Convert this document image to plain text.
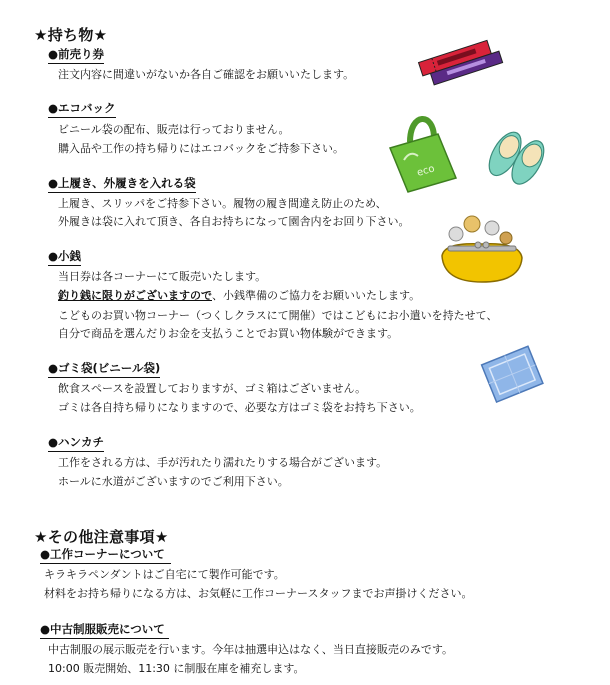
★持ち物★
●前売り券
注文内容に間違いがないか各自ご確認をお願いいたします。
●エコバック
ビニール袋の配布、販売は行っておりません。
購入品や工作の持ち帰りにはエコバックをご持参下さい。
●上履き、外履きを入れる袋
上履き、スリッパをご持参下さい。履物の履き間違え防止のため、
外履きは袋に入れて頂き、各自お持ちになって園舎内をお回り下さい。
●小銭
当日券は各コーナーにて販売いたします。
釣り銭に限りがございますので、小銭準備のご協力をお願いいたします。
こどものお買い物コーナー（つくしクラスにて開催）ではこどもにお小遣いを持たせて、
自分で商品を選んだりお金を支払うことでお買い物体験ができます。
●ゴミ袋(ビニール袋)
飲食スペースを設置しておりますが、ゴミ箱はございません。
ゴミは各自持ち帰りになりますので、必要な方はゴミ袋をお持ち下さい。
●ハンカチ
工作をされる方は、手が汚れたり濡れたりする場合がございます。
ホールに水道がございますのでご利用下さい。
★その他注意事項★
●工作コーナーについて
キラキラペンダントはご自宅にて製作可能です。
材料をお持ち帰りになる方は、お気軽に工作コーナースタッフまでお声掛けください。
●中古制服販売について
中古制服の展示販売を行います。今年は抽選申込はなく、当日直接販売のみです。
10:00 販売開始、11:30 に制服在庫を補充します。
eco
